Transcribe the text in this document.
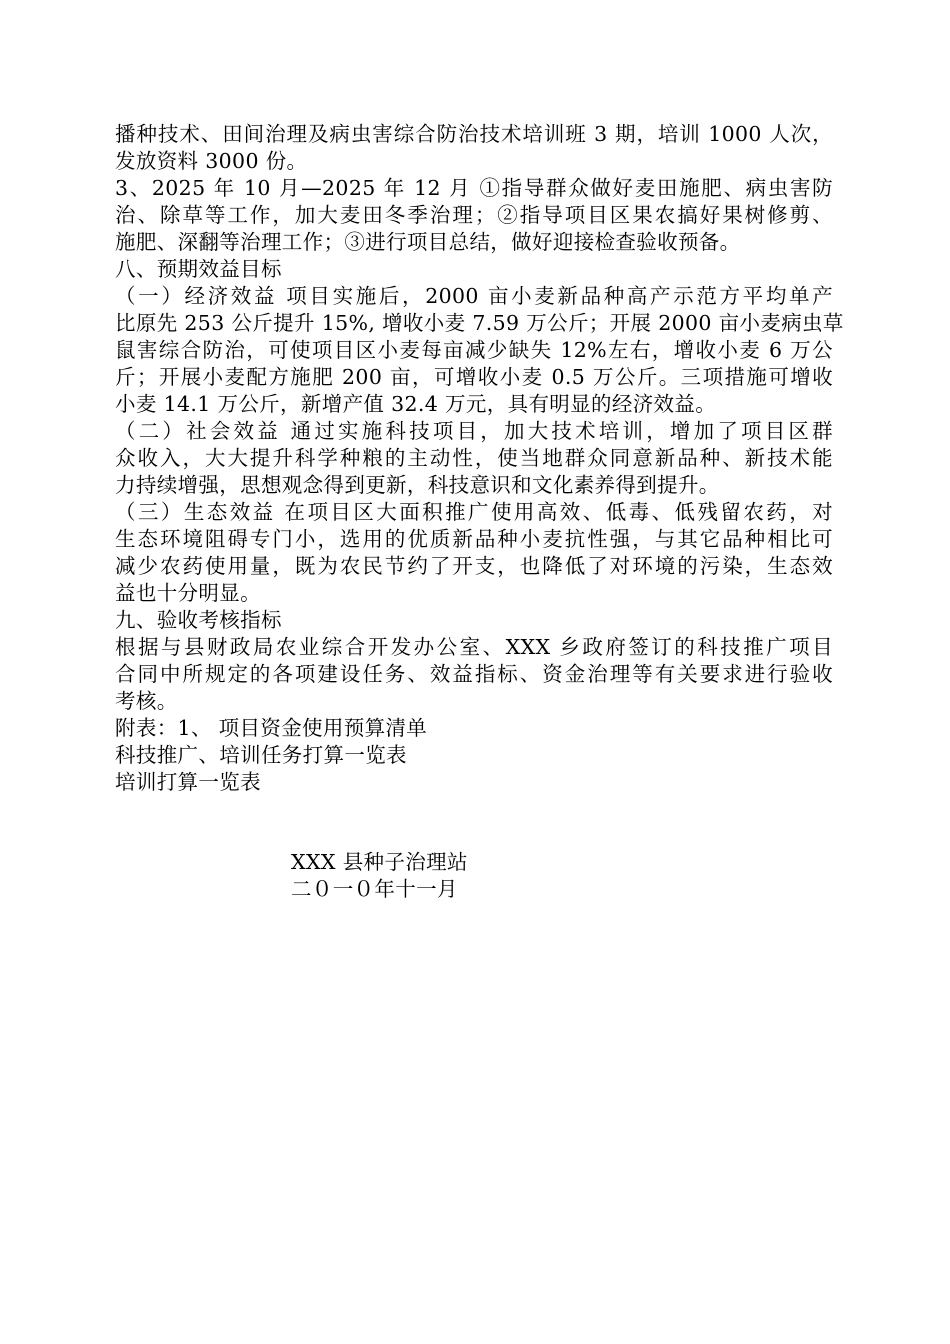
播种技术、田间治理及病虫害综合防治技术培训班 3 期，培训 1000 人次，
发放资料 3000 份。
3、2025 年 10 月—2025 年 12 月 ①指导群众做好麦田施肥、病虫害防
治、除草等工作，加大麦田冬季治理；②指导项目区果农搞好果树修剪、
施肥、深翻等治理工作；③进行项目总结，做好迎接检查验收预备。
八、预期效益目标
（一）经济效益 项目实施后，2000 亩小麦新品种高产示范方平均单产
比原先 253 公斤提升 15%, 增收小麦 7.59 万公斤；开展 2000 亩小麦病虫草
鼠害综合防治，可使项目区小麦每亩减少缺失 12%左右，增收小麦 6 万公
斤；开展小麦配方施肥 200 亩，可增收小麦 0.5 万公斤。三项措施可增收
小麦 14.1 万公斤，新增产值 32.4 万元，具有明显的经济效益。
（二）社会效益 通过实施科技项目，加大技术培训，增加了项目区群
众收入，大大提升科学种粮的主动性，使当地群众同意新品种、新技术能
力持续增强，思想观念得到更新，科技意识和文化素养得到提升。
（三）生态效益 在项目区大面积推广使用高效、低毒、低残留农药，对
生态环境阻碍专门小，选用的优质新品种小麦抗性强，与其它品种相比可
减少农药使用量，既为农民节约了开支，也降低了对环境的污染，生态效
益也十分明显。
九、验收考核指标
根据与县财政局农业综合开发办公室、XXX 乡政府签订的科技推广项目
合同中所规定的各项建设任务、效益指标、资金治理等有关要求进行验收
考核。
附表：1、 项目资金使用预算清单
科技推广、培训任务打算一览表
培训打算一览表
XXX 县种子治理站
二０一０年十一月
